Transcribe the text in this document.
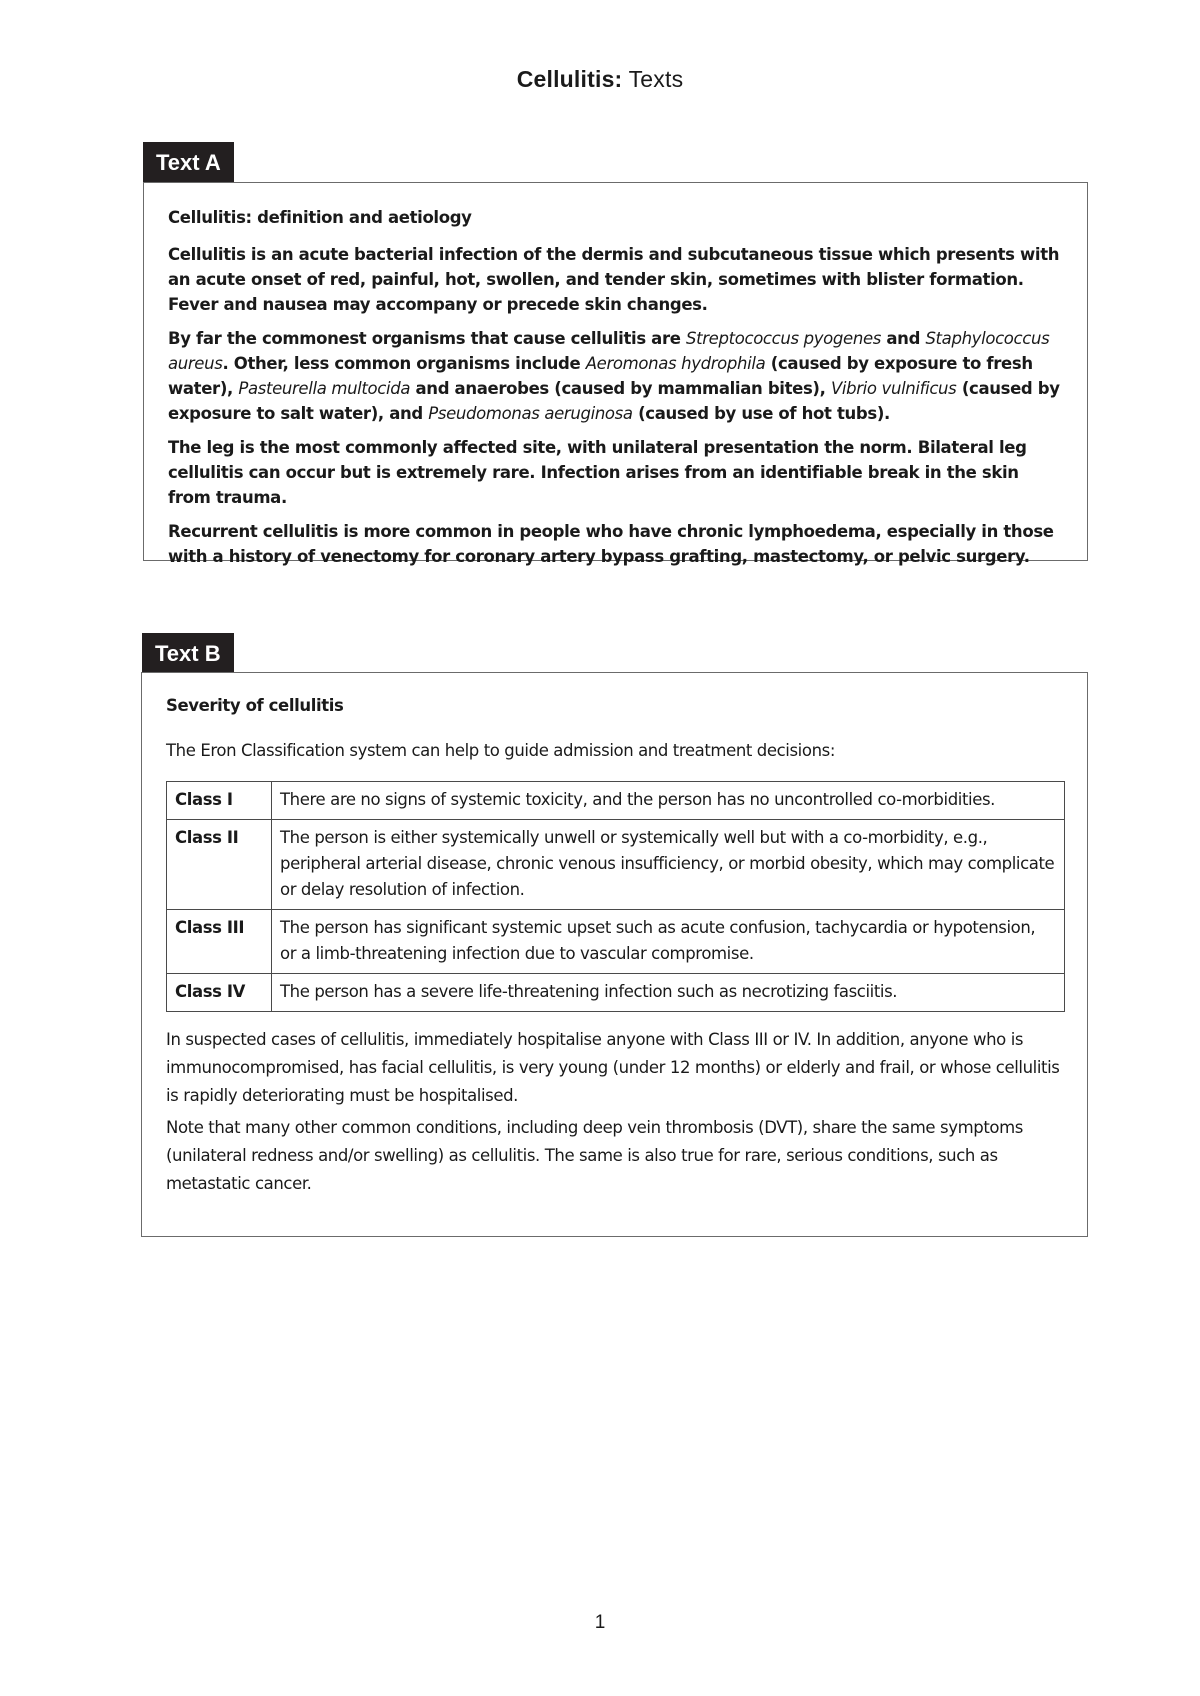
Cellulitis: Texts
Text A

Cellulitis: definition and aetiology

Cellulitis is an acute bacterial infection of the dermis and subcutaneous tissue which presents with an acute onset of red, painful, hot, swollen, and tender skin, sometimes with blister formation. Fever and nausea may accompany or precede skin changes.

By far the commonest organisms that cause cellulitis are Streptococcus pyogenes and Staphylococcus aureus. Other, less common organisms include Aeromonas hydrophila (caused by exposure to fresh water), Pasteurella multocida and anaerobes (caused by mammalian bites), Vibrio vulnificus (caused by exposure to salt water), and Pseudomonas aeruginosa (caused by use of hot tubs).

The leg is the most commonly affected site, with unilateral presentation the norm. Bilateral leg cellulitis can occur but is extremely rare. Infection arises from an identifiable break in the skin from trauma.

Recurrent cellulitis is more common in people who have chronic lymphoedema, especially in those with a history of venectomy for coronary artery bypass grafting, mastectomy, or pelvic surgery.

Text B

Severity of cellulitis

The Eron Classification system can help to guide admission and treatment decisions:

Class I	There are no signs of systemic toxicity, and the person has no uncontrolled co-morbidities.
Class II	The person is either systemically unwell or systemically well but with a co-morbidity, e.g., peripheral arterial disease, chronic venous insufficiency, or morbid obesity, which may complicate or delay resolution of infection.
Class III	The person has significant systemic upset such as acute confusion, tachycardia or hypotension, or a limb-threatening infection due to vascular compromise.
Class IV	The person has a severe life-threatening infection such as necrotizing fasciitis.

In suspected cases of cellulitis, immediately hospitalise anyone with Class III or IV. In addition, anyone who is immunocompromised, has facial cellulitis, is very young (under 12 months) or elderly and frail, or whose cellulitis is rapidly deteriorating must be hospitalised.

Note that many other common conditions, including deep vein thrombosis (DVT), share the same symptoms (unilateral redness and/or swelling) as cellulitis. The same is also true for rare, serious conditions, such as metastatic cancer.

1
